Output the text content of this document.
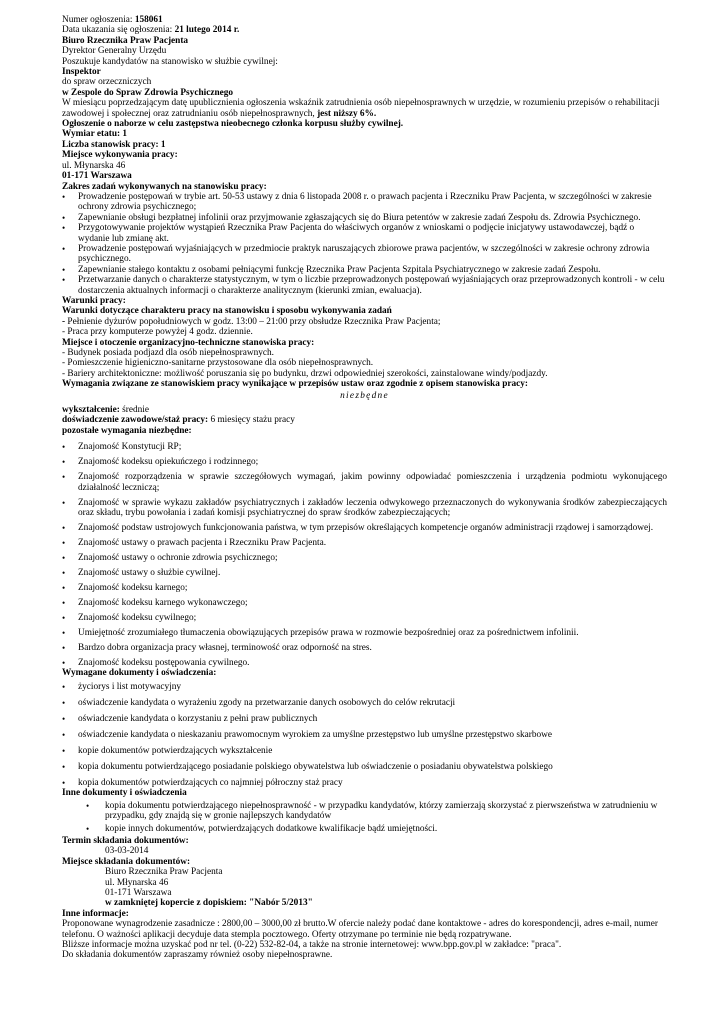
Numer ogłoszenia: 158061

Data ukazania się ogłoszenia: 21 lutego 2014 r.

Biuro Rzecznika Praw Pacjenta

Dyrektor Generalny Urzędu

Poszukuje kandydatów na stanowisko w służbie cywilnej:

Inspektor

do spraw orzeczniczych

w Zespole do Spraw Zdrowia Psychicznego

W miesiącu poprzedzającym datę upublicznienia ogłoszenia wskaźnik zatrudnienia osób niepełnosprawnych w urzędzie, w rozumieniu przepisów o rehabilitacji zawodowej i społecznej oraz zatrudnianiu osób niepełnosprawnych, jest niższy 6%.

Ogłoszenie o naborze w celu zastępstwa nieobecnego członka korpusu służby cywilnej.

Wymiar etatu: 1

Liczba stanowisk pracy: 1

Miejsce wykonywania pracy:

ul. Młynarska 46

01-171 Warszawa

Zakres zadań wykonywanych na stanowisku pracy:

• Prowadzenie postępowań w trybie art. 50-53 ustawy z dnia 6 listopada 2008 r. o prawach pacjenta i Rzeczniku Praw Pacjenta, w szczególności w zakresie ochrony zdrowia psychicznego;
• Zapewnianie obsługi bezpłatnej infolinii oraz przyjmowanie zgłaszających się do Biura petentów w zakresie zadań Zespołu ds. Zdrowia Psychicznego.
• Przygotowywanie projektów wystąpień Rzecznika Praw Pacjenta do właściwych organów z wnioskami o podjęcie inicjatywy ustawodawczej, bądź o wydanie lub zmianę akt.
• Prowadzenie postępowań wyjaśniających w przedmiocie praktyk naruszających zbiorowe prawa pacjentów, w szczególności w zakresie ochrony zdrowia psychicznego.
• Zapewnianie stałego kontaktu z osobami pełniącymi funkcję Rzecznika Praw Pacjenta Szpitala Psychiatrycznego w zakresie zadań Zespołu.
• Przetwarzanie danych o charakterze statystycznym, w tym o liczbie przeprowadzonych postępowań wyjaśniających oraz przeprowadzonych kontroli - w celu dostarczenia aktualnych informacji o charakterze analitycznym (kierunki zmian, ewaluacja).

Warunki pracy:

Warunki dotyczące charakteru pracy na stanowisku i sposobu wykonywania zadań

- Pełnienie dyżurów popołudniowych w godz. 13:00 – 21:00 przy obsłudze Rzecznika Praw Pacjenta;

- Praca przy komputerze powyżej 4 godz. dziennie.

Miejsce i otoczenie organizacyjno-techniczne stanowiska pracy:

- Budynek posiada podjazd dla osób niepełnosprawnych.

- Pomieszczenie higieniczno-sanitarne przystosowane dla osób niepełnosprawnych.

- Bariery architektoniczne: możliwość poruszania się po budynku, drzwi odpowiedniej szerokości, zainstalowane windy/podjazdy.

Wymagania związane ze stanowiskiem pracy wynikające w przepisów ustaw oraz zgodnie z opisem stanowiska pracy:

niezbędne

wykształcenie: średnie

doświadczenie zawodowe/staż pracy: 6 miesięcy stażu pracy

pozostałe wymagania niezbędne:

• Znajomość Konstytucji RP;
• Znajomość kodeksu opiekuńczego i rodzinnego;
• Znajomość rozporządzenia w sprawie szczegółowych wymagań, jakim powinny odpowiadać pomieszczenia i urządzenia podmiotu wykonującego działalność leczniczą;
• Znajomość w sprawie wykazu zakładów psychiatrycznych i zakładów leczenia odwykowego przeznaczonych do wykonywania środków zabezpieczających oraz składu, trybu powołania i zadań komisji psychiatrycznej do spraw środków zabezpieczających;
• Znajomość podstaw ustrojowych funkcjonowania państwa, w tym przepisów określających kompetencje organów administracji rządowej i samorządowej.
• Znajomość ustawy o prawach pacjenta i Rzeczniku Praw Pacjenta.
• Znajomość ustawy o ochronie zdrowia psychicznego;
• Znajomość ustawy o służbie cywilnej.
• Znajomość kodeksu karnego;
• Znajomość kodeksu karnego wykonawczego;
• Znajomość kodeksu cywilnego;
• Umiejętność zrozumiałego tłumaczenia obowiązujących przepisów prawa w rozmowie bezpośredniej oraz za pośrednictwem infolinii.
• Bardzo dobra organizacja pracy własnej, terminowość oraz odporność na stres.
• Znajomość kodeksu postępowania cywilnego.

Wymagane dokumenty i oświadczenia:

• życiorys i list motywacyjny
• oświadczenie kandydata o wyrażeniu zgody na przetwarzanie danych osobowych do celów rekrutacji
• oświadczenie kandydata o korzystaniu z pełni praw publicznych
• oświadczenie kandydata o nieskazaniu prawomocnym wyrokiem za umyślne przestępstwo lub umyślne przestępstwo skarbowe
• kopie dokumentów potwierdzających wykształcenie
• kopia dokumentu potwierdzającego posiadanie polskiego obywatelstwa lub oświadczenie o posiadaniu obywatelstwa polskiego
• kopia dokumentów potwierdzających co najmniej półroczny staż pracy

Inne dokumenty i oświadczenia

• kopia dokumentu potwierdzającego niepełnosprawność - w przypadku kandydatów, którzy zamierzają skorzystać z pierwszeństwa w zatrudnieniu w przypadku, gdy znajdą się w gronie najlepszych kandydatów
• kopie innych dokumentów, potwierdzających dodatkowe kwalifikacje bądź umiejętności.

Termin składania dokumentów:

03-03-2014

Miejsce składania dokumentów:

Biuro Rzecznika Praw Pacjenta

ul. Młynarska 46

01-171 Warszawa

w zamkniętej kopercie z dopiskiem: "Nabór 5/2013"

Inne informacje:

Proponowane wynagrodzenie zasadnicze : 2800,00 – 3000,00 zł brutto.W ofercie należy podać dane kontaktowe - adres do korespondencji, adres e-mail, numer telefonu. O ważności aplikacji decyduje data stempla pocztowego. Oferty otrzymane po terminie nie będą rozpatrywane.

Bliższe informacje można uzyskać pod nr tel. (0-22) 532-82-04, a także na stronie internetowej: www.bpp.gov.pl w zakładce: "praca".

Do składania dokumentów zapraszamy również osoby niepełnosprawne.
